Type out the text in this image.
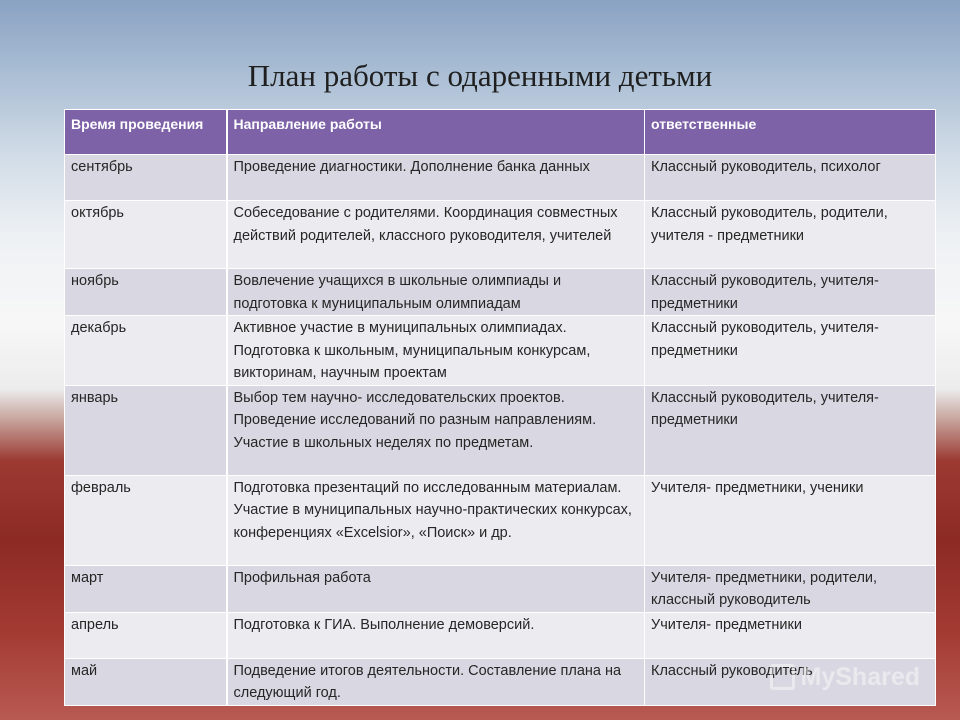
План работы с одаренными детьми
Время проведения	Направление работы	ответственные
сентябрь	Проведение диагностики. Дополнение банка данных	Классный руководитель, психолог
октябрь	Собеседование с родителями. Координация совместных действий родителей, классного руководителя, учителей	Классный руководитель, родители, учителя - предметники
ноябрь	Вовлечение учащихся в школьные олимпиады и подготовка к муниципальным олимпиадам	Классный руководитель, учителя-предметники
декабрь	Активное участие в муниципальных олимпиадах. Подготовка к школьным, муниципальным конкурсам, викторинам, научным проектам	Классный руководитель, учителя-предметники
январь	Выбор тем научно- исследовательских проектов. Проведение исследований по разным направлениям. Участие в школьных неделях по предметам.	Классный руководитель, учителя-предметники
февраль	Подготовка презентаций по исследованным материалам. Участие в муниципальных научно-практических конкурсах, конференциях «Excelsior», «Поиск» и др.	Учителя- предметники, ученики
март	Профильная работа	Учителя- предметники, родители, классный руководитель
апрель	Подготовка к ГИА. Выполнение демоверсий.	Учителя- предметники
май	Подведение итогов деятельности. Составление плана на следующий год.	Классный руководитель
MyShared
